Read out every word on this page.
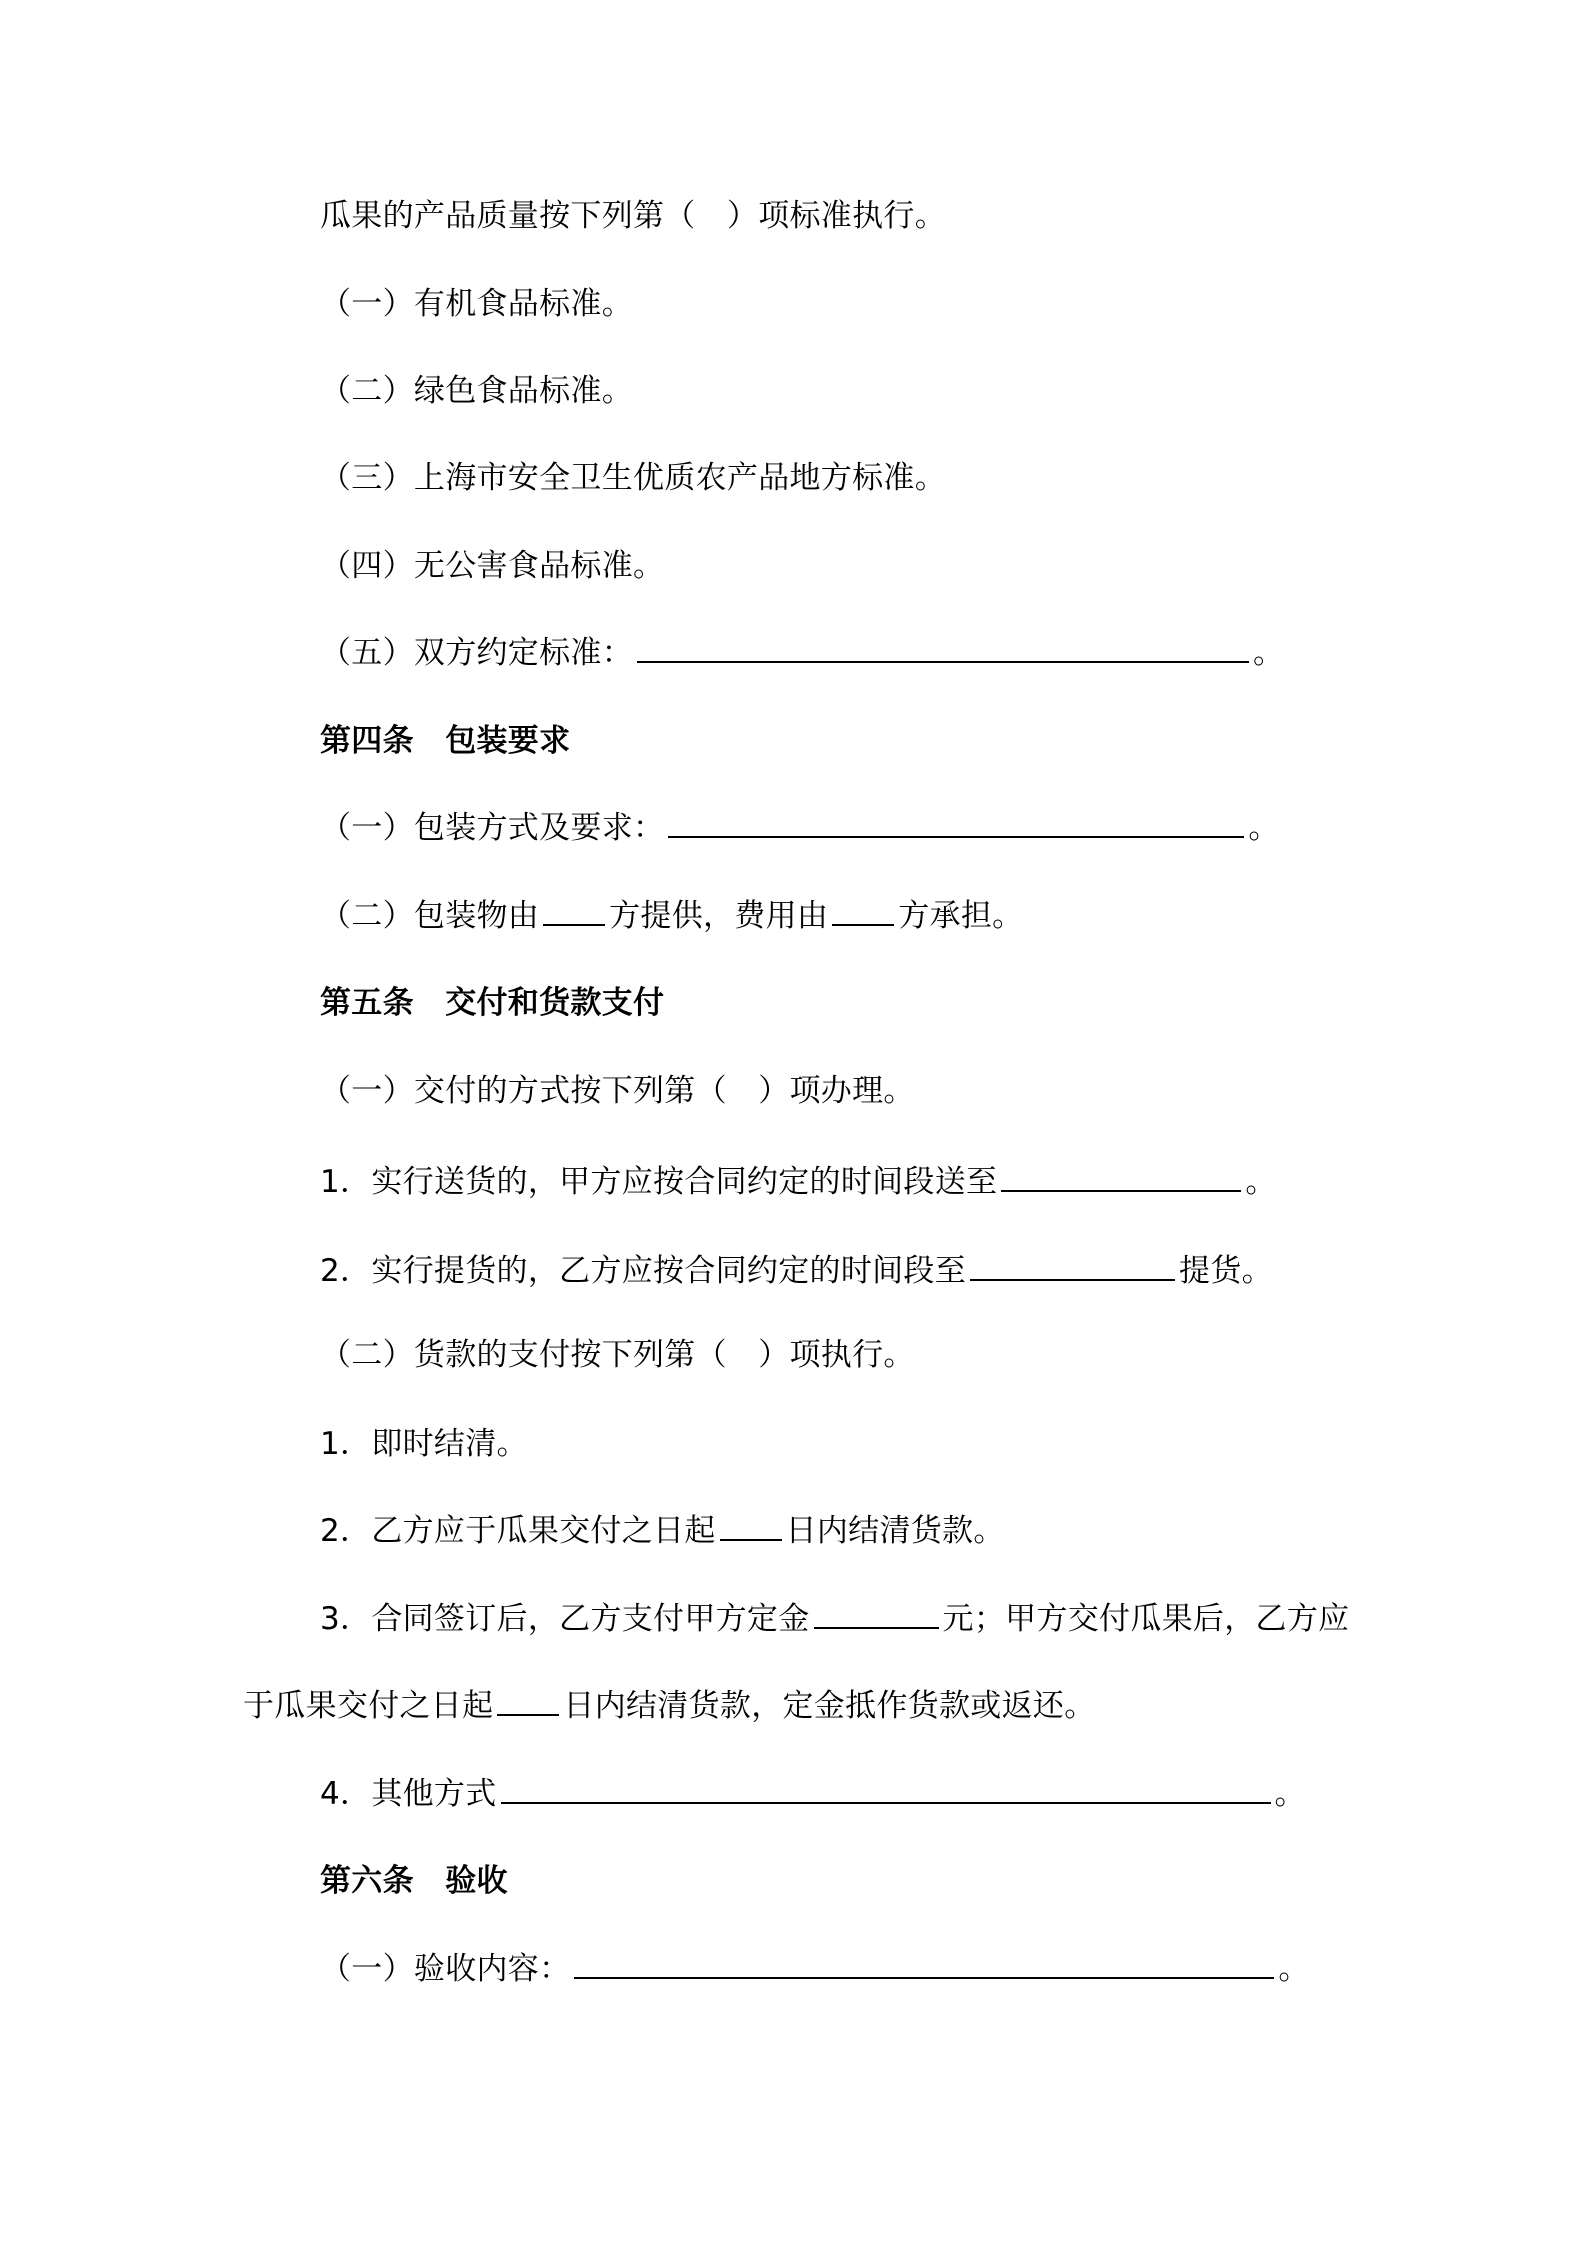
瓜果的产品质量按下列第（　）项标准执行。
（一）有机食品标准。
（二）绿色食品标准。
（三）上海市安全卫生优质农产品地方标准。
（四）无公害食品标准。
（五）双方约定标准：	。
第四条　包装要求
（一）包装方式及要求：	。
（二）包装物由 方提供，费用由 方承担。
第五条　交付和货款支付
（一）交付的方式按下列第（　）项办理。
1．实行送货的，甲方应按合同约定的时间段送至	。
2．实行提货的，乙方应按合同约定的时间段至	提货。
（二）货款的支付按下列第（　）项执行。
1．即时结清。
2．乙方应于瓜果交付之日起 日内结清货款。
3．合同签订后，乙方支付甲方定金	元；甲方交付瓜果后，乙方应
于瓜果交付之日起 日内结清货款，定金抵作货款或返还。
4．其他方式	。
第六条　验收
（一）验收内容：	。
